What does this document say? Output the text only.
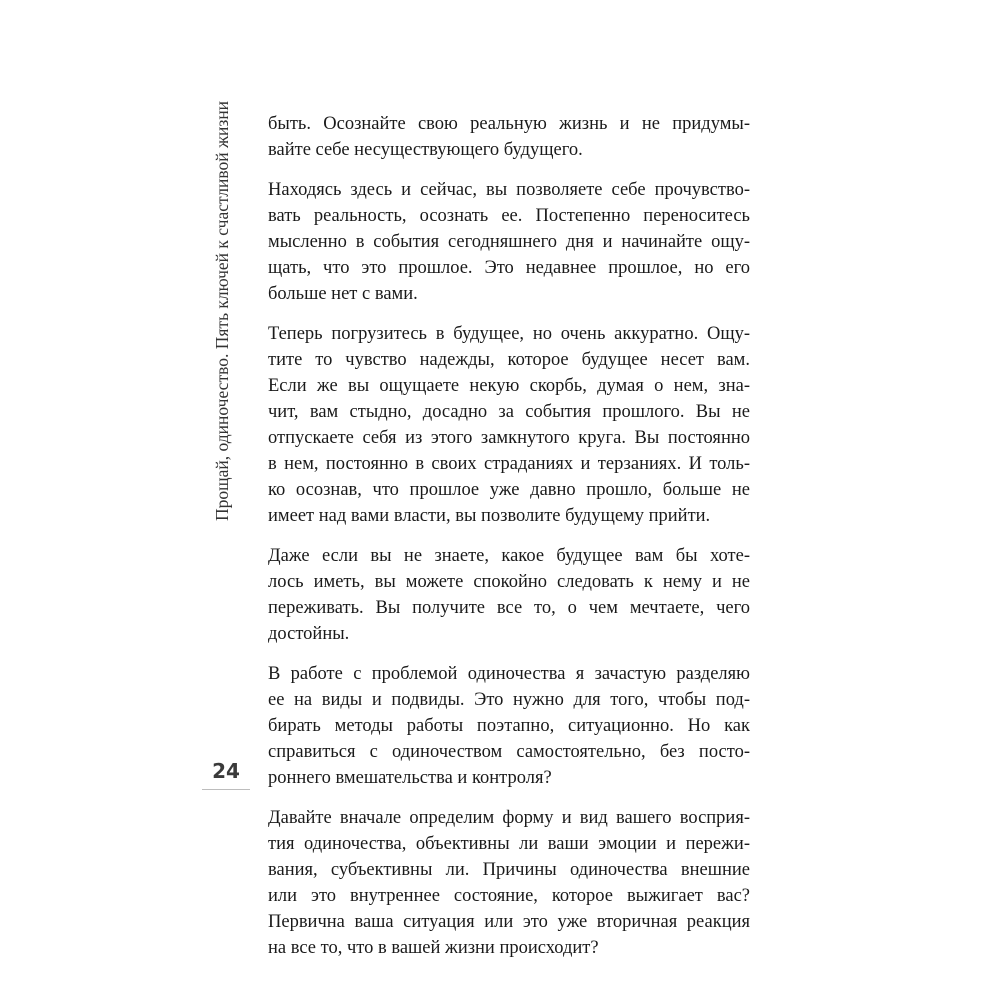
Прощай, одиночество. Пять ключей к счастливой жизни
24
быть. Осознайте свою реальную жизнь и не придумы-
вайте себе несуществующего будущего.
Находясь здесь и сейчас, вы позволяете себе прочувство-
вать реальность, осознать ее. Постепенно переноситесь
мысленно в события сегодняшнего дня и начинайте ощу-
щать, что это прошлое. Это недавнее прошлое, но его
больше нет с вами.
Теперь погрузитесь в будущее, но очень аккуратно. Ощу-
тите то чувство надежды, которое будущее несет вам.
Если же вы ощущаете некую скорбь, думая о нем, зна-
чит, вам стыдно, досадно за события прошлого. Вы не
отпускаете себя из этого замкнутого круга. Вы постоянно
в нем, постоянно в своих страданиях и терзаниях. И толь-
ко осознав, что прошлое уже давно прошло, больше не
имеет над вами власти, вы позволите будущему прийти.
Даже если вы не знаете, какое будущее вам бы хоте-
лось иметь, вы можете спокойно следовать к нему и не
переживать. Вы получите все то, о чем мечтаете, чего
достойны.
В работе с проблемой одиночества я зачастую разделяю
ее на виды и подвиды. Это нужно для того, чтобы под-
бирать методы работы поэтапно, ситуационно. Но как
справиться с одиночеством самостоятельно, без посто-
роннего вмешательства и контроля?
Давайте вначале определим форму и вид вашего восприя-
тия одиночества, объективны ли ваши эмоции и пережи-
вания, субъективны ли. Причины одиночества внешние
или это внутреннее состояние, которое выжигает вас?
Первична ваша ситуация или это уже вторичная реакция
на все то, что в вашей жизни происходит?
